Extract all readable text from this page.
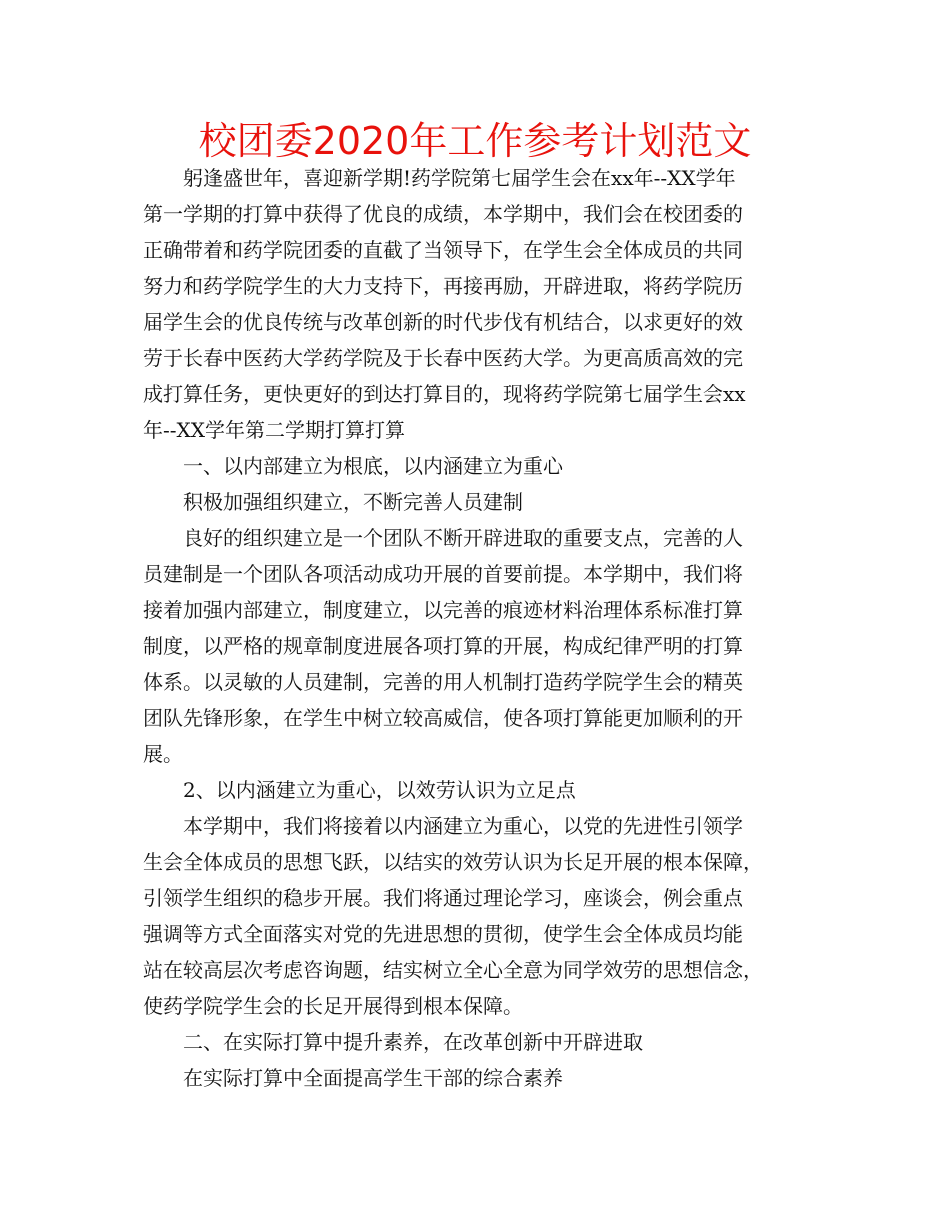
校团委2020年工作参考计划范文
躬逢盛世年，喜迎新学期!药学院第七届学生会在xx年--XX学年
第一学期的打算中获得了优良的成绩，本学期中，我们会在校团委的
正确带着和药学院团委的直截了当领导下，在学生会全体成员的共同
努力和药学院学生的大力支持下，再接再励，开辟进取，将药学院历
届学生会的优良传统与改革创新的时代步伐有机结合，以求更好的效
劳于长春中医药大学药学院及于长春中医药大学。为更高质高效的完
成打算任务，更快更好的到达打算目的，现将药学院第七届学生会xx
年--XX学年第二学期打算打算
一、以内部建立为根底，以内涵建立为重心
积极加强组织建立，不断完善人员建制
良好的组织建立是一个团队不断开辟进取的重要支点，完善的人
员建制是一个团队各项活动成功开展的首要前提。本学期中，我们将
接着加强内部建立，制度建立，以完善的痕迹材料治理体系标准打算
制度，以严格的规章制度进展各项打算的开展，构成纪律严明的打算
体系。以灵敏的人员建制，完善的用人机制打造药学院学生会的精英
团队先锋形象，在学生中树立较高威信，使各项打算能更加顺利的开
展。
2、以内涵建立为重心，以效劳认识为立足点
本学期中，我们将接着以内涵建立为重心，以党的先进性引领学
生会全体成员的思想飞跃，以结实的效劳认识为长足开展的根本保障，
引领学生组织的稳步开展。我们将通过理论学习，座谈会，例会重点
强调等方式全面落实对党的先进思想的贯彻，使学生会全体成员均能
站在较高层次考虑咨询题，结实树立全心全意为同学效劳的思想信念，
使药学院学生会的长足开展得到根本保障。
二、在实际打算中提升素养，在改革创新中开辟进取
在实际打算中全面提高学生干部的综合素养
